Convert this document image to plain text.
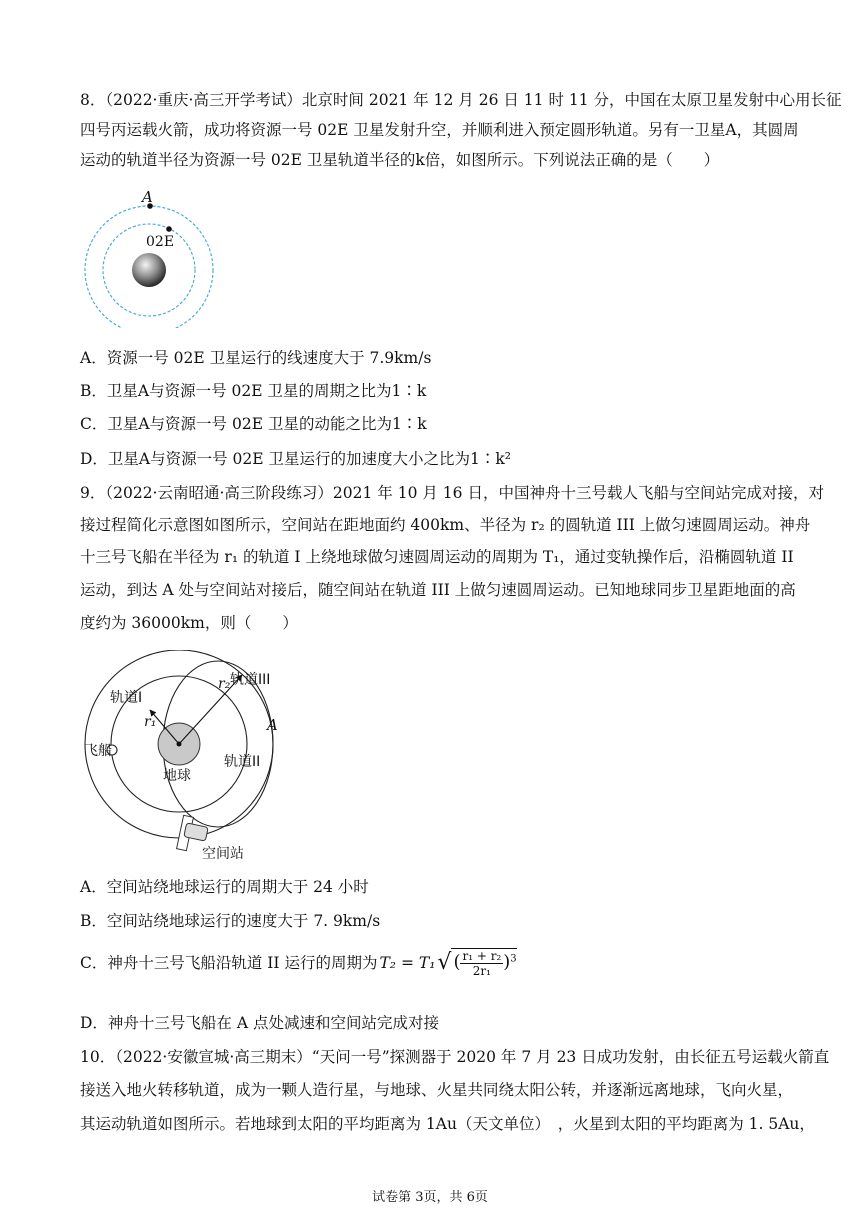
8．（2022·重庆·高三开学考试）北京时间 2021 年 12 月 26 日 11 时 11 分，中国在太原卫星发射中心用长征
四号丙运载火箭，成功将资源一号 02E 卫星发射升空，并顺利进入预定圆形轨道。另有一卫星A，其圆周
运动的轨道半径为资源一号 02E 卫星轨道半径的k倍，如图所示。下列说法正确的是（　　）
A
02E
A．资源一号 02E 卫星运行的线速度大于 7.9km/s
B．卫星A与资源一号 02E 卫星的周期之比为1∶k
C．卫星A与资源一号 02E 卫星的动能之比为1∶k
D．卫星A与资源一号 02E 卫星运行的加速度大小之比为1∶k²
9．（2022·云南昭通·高三阶段练习）2021 年 10 月 16 日，中国神舟十三号载人飞船与空间站完成对接，对
接过程简化示意图如图所示，空间站在距地面约 400km、半径为 r₂ 的圆轨道 III 上做匀速圆周运动。神舟
十三号飞船在半径为 r₁ 的轨道 I 上绕地球做匀速圆周运动的周期为 T₁，通过变轨操作后，沿椭圆轨道 II
运动，到达 A 处与空间站对接后，随空间站在轨道 III 上做匀速圆周运动。已知地球同步卫星距地面的高
度约为 36000km，则（　　）
轨道I
轨道III
轨道II
r₁
r₂
A
飞船
地球
空间站
A．空间站绕地球运行的周期大于 24 小时
B．空间站绕地球运行的速度大于 7. 9km/s
C．神舟十三号飞船沿轨道 II 运行的周期为 T₂ = T₁ √ ( $\frac{\text{r₁ + r₂}}{\text{2r₁}} )^3$
D．神舟十三号飞船在 A 点处减速和空间站完成对接
10．（2022·安徽宣城·高三期末）“天问一号”探测器于 2020 年 7 月 23 日成功发射，由长征五号运载火箭直
接送入地火转移轨道，成为一颗人造行星，与地球、火星共同绕太阳公转，并逐渐远离地球，飞向火星，
其运动轨道如图所示。若地球到太阳的平均距离为 1Au（天文单位）　，火星到太阳的平均距离为 1. 5Au，
试卷第 3页，共 6页
